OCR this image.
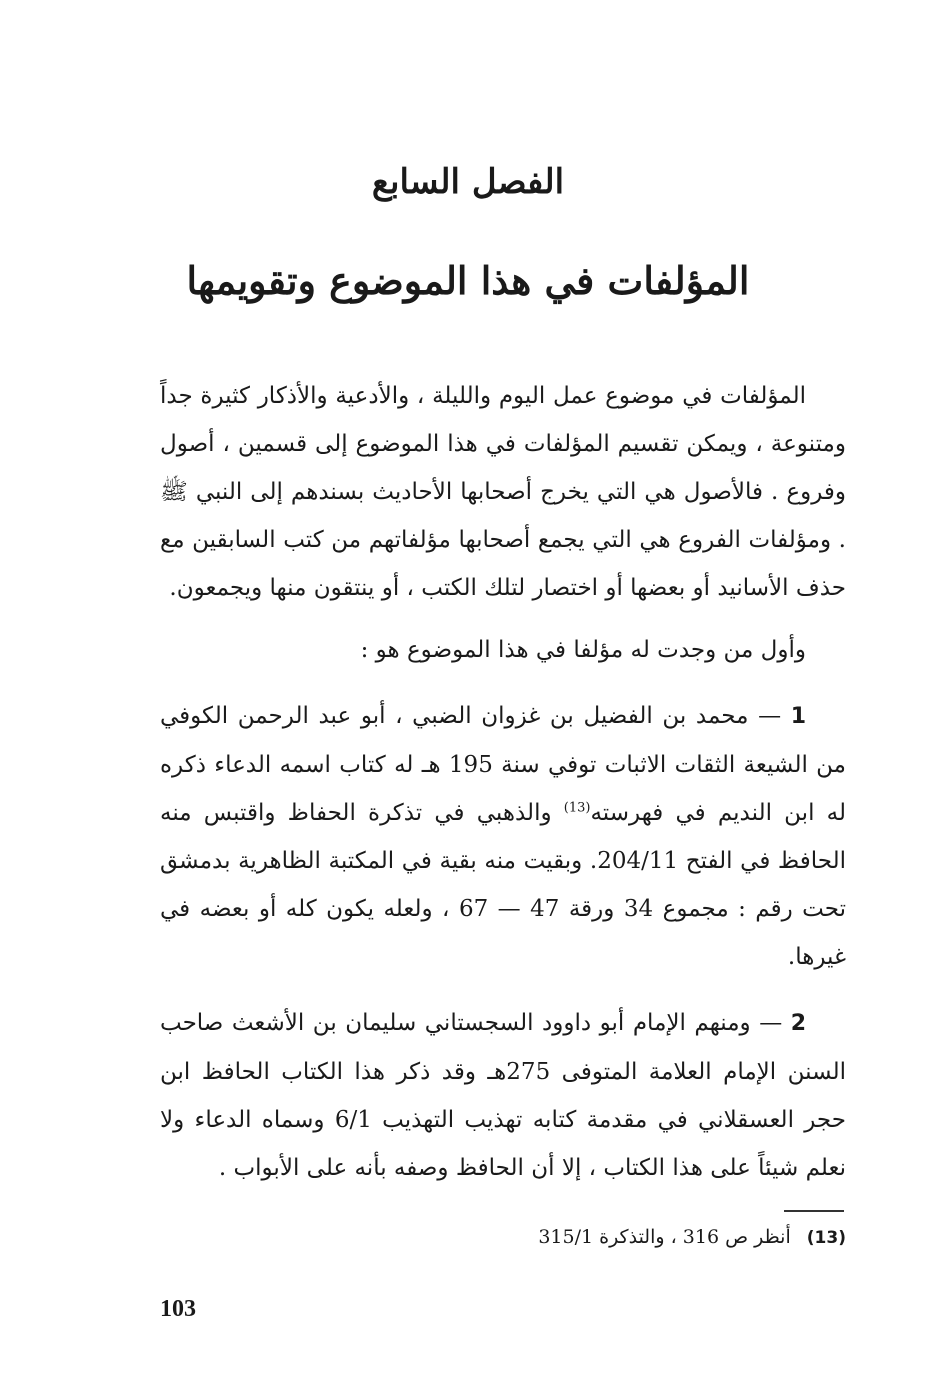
الفصل السابع
المؤلفات في هذا الموضوع وتقويمها

المؤلفات في موضوع عمل اليوم والليلة ، والأدعية والأذكار كثيرة جداً ومتنوعة ، ويمكن تقسيم المؤلفات في هذا الموضوع إلى قسمين ، أصول وفروع . فالأصول هي التي يخرج أصحابها الأحاديث بسندهم إلى النبي ﷺ . ومؤلفات الفروع هي التي يجمع أصحابها مؤلفاتهم من كتب السابقين مع حذف الأسانيد أو بعضها أو اختصار لتلك الكتب ، أو ينتقون منها ويجمعون.

وأول من وجدت له مؤلفا في هذا الموضوع هو :

1 — محمد بن الفضيل بن غزوان الضبي ، أبو عبد الرحمن الكوفي من الشيعة الثقات الاثبات توفي سنة 195 هـ له كتاب اسمه الدعاء ذكره له ابن النديم في فهرسته$^{(13)}$ والذهبي في تذكرة الحفاظ واقتبس منه الحافظ في الفتح 204/11. وبقيت منه بقية في المكتبة الظاهرية بدمشق تحت رقم : مجموع 34 ورقة 47 — 67 ، ولعله يكون كله أو بعضه في غيرها.

2 — ومنهم الإمام أبو داوود السجستاني سليمان بن الأشعث صاحب السنن الإمام العلامة المتوفى 275هـ وقد ذكر هذا الكتاب الحافظ ابن حجر العسقلاني في مقدمة كتابه تهذيب التهذيب 6/1 وسماه الدعاء ولا نعلم شيئاً على هذا الكتاب ، إلا أن الحافظ وصفه بأنه على الأبواب .

(13) أنظر ص 316 ، والتذكرة 315/1
103
